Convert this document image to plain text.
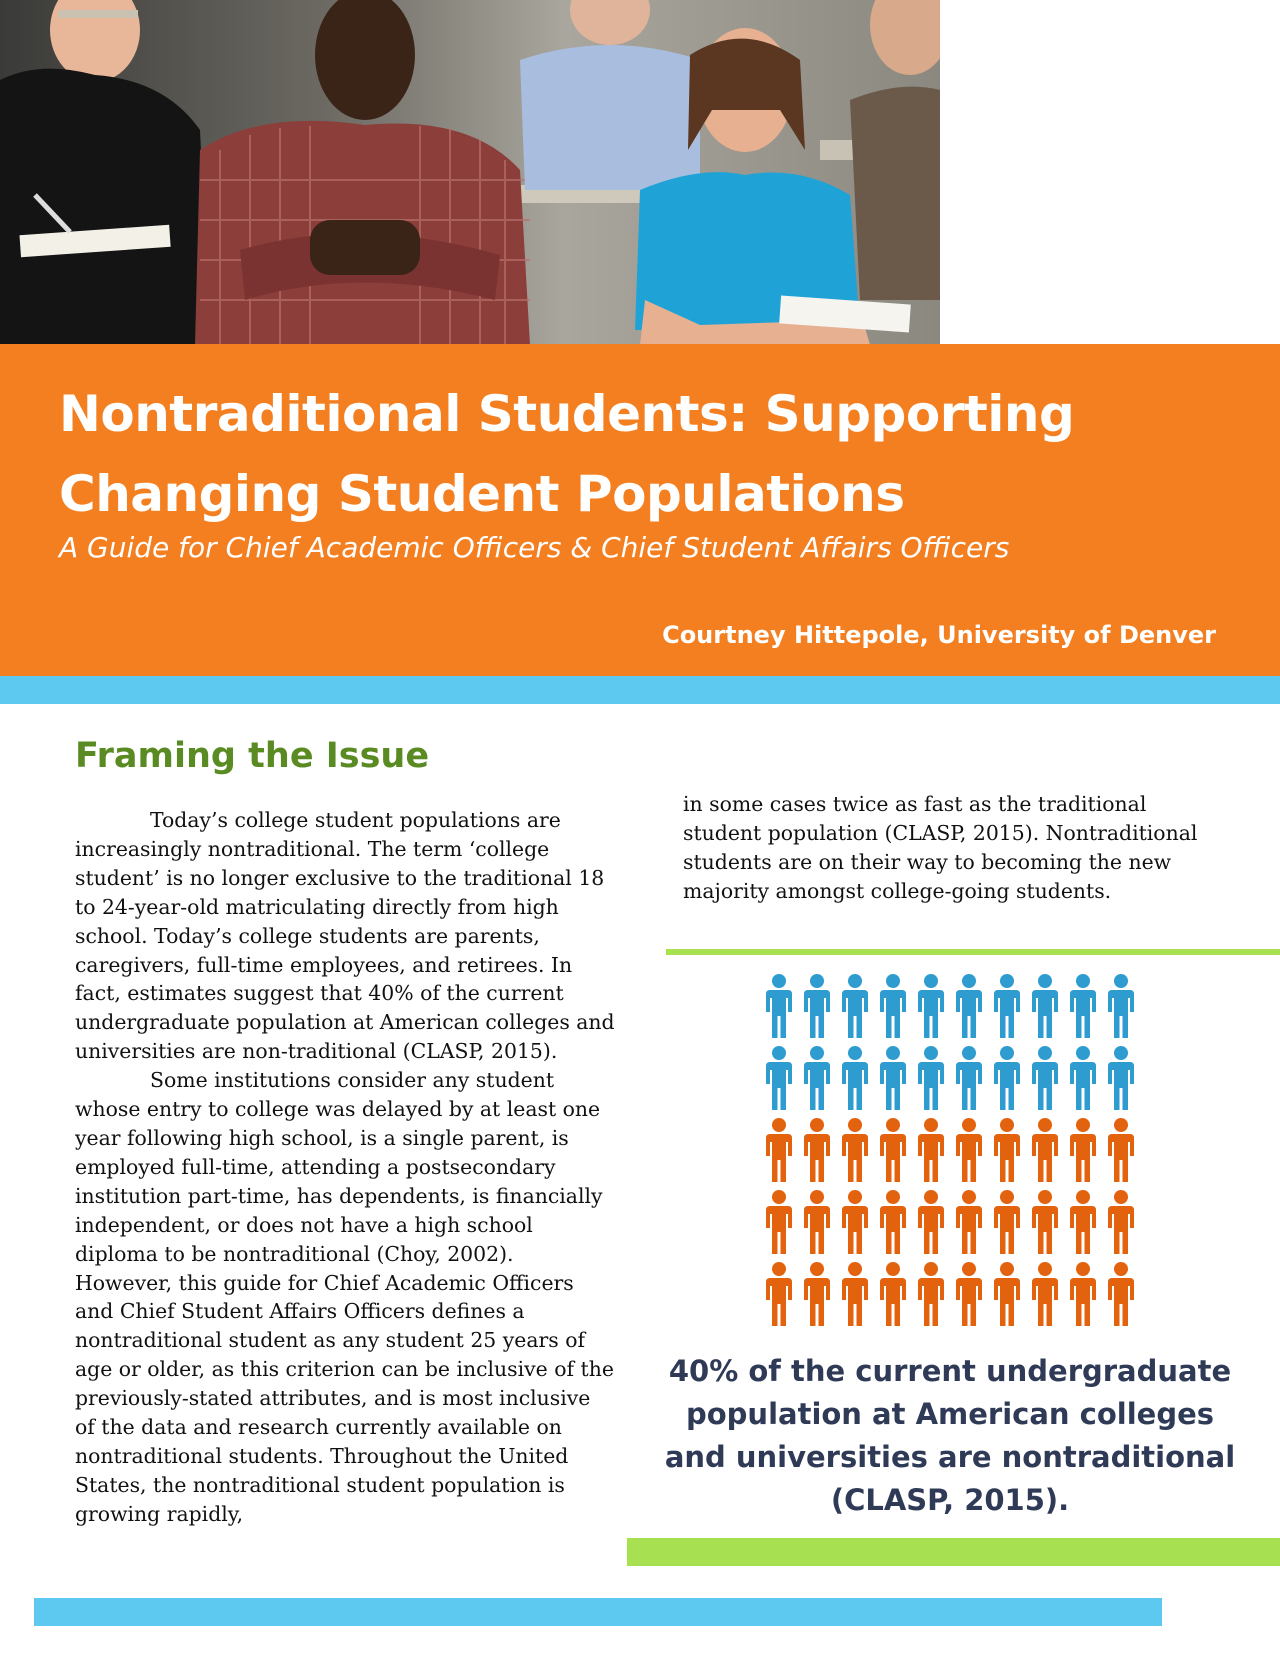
Nontraditional Students: Supporting Changing Student Populations

A Guide for Chief Academic Officers & Chief Student Affairs Officers

Courtney Hittepole, University of Denver

Framing the Issue

Today’s college student populations are increasingly nontraditional. The term ‘college student’ is no longer exclusive to the traditional 18 to 24-year-old matriculating directly from high school. Today’s college students are parents, caregivers, full-time employees, and retirees. In fact, estimates suggest that 40% of the current undergraduate population at American colleges and universities are non-traditional (CLASP, 2015).

Some institutions consider any student whose entry to college was delayed by at least one year following high school, is a single parent, is employed full-time, attending a postsecondary institution part-time, has dependents, is financially independent, or does not have a high school diploma to be nontraditional (Choy, 2002). However, this guide for Chief Academic Officers and Chief Student Affairs Officers defines a nontraditional student as any student 25 years of age or older, as this criterion can be inclusive of the previously-stated attributes, and is most inclusive of the data and research currently available on nontraditional students. Throughout the United States, the nontraditional student population is growing rapidly,

in some cases twice as fast as the traditional student population (CLASP, 2015). Nontraditional students are on their way to becoming the new majority amongst college-going students.

40% of the current undergraduate population at American colleges and universities are nontraditional (CLASP, 2015).
